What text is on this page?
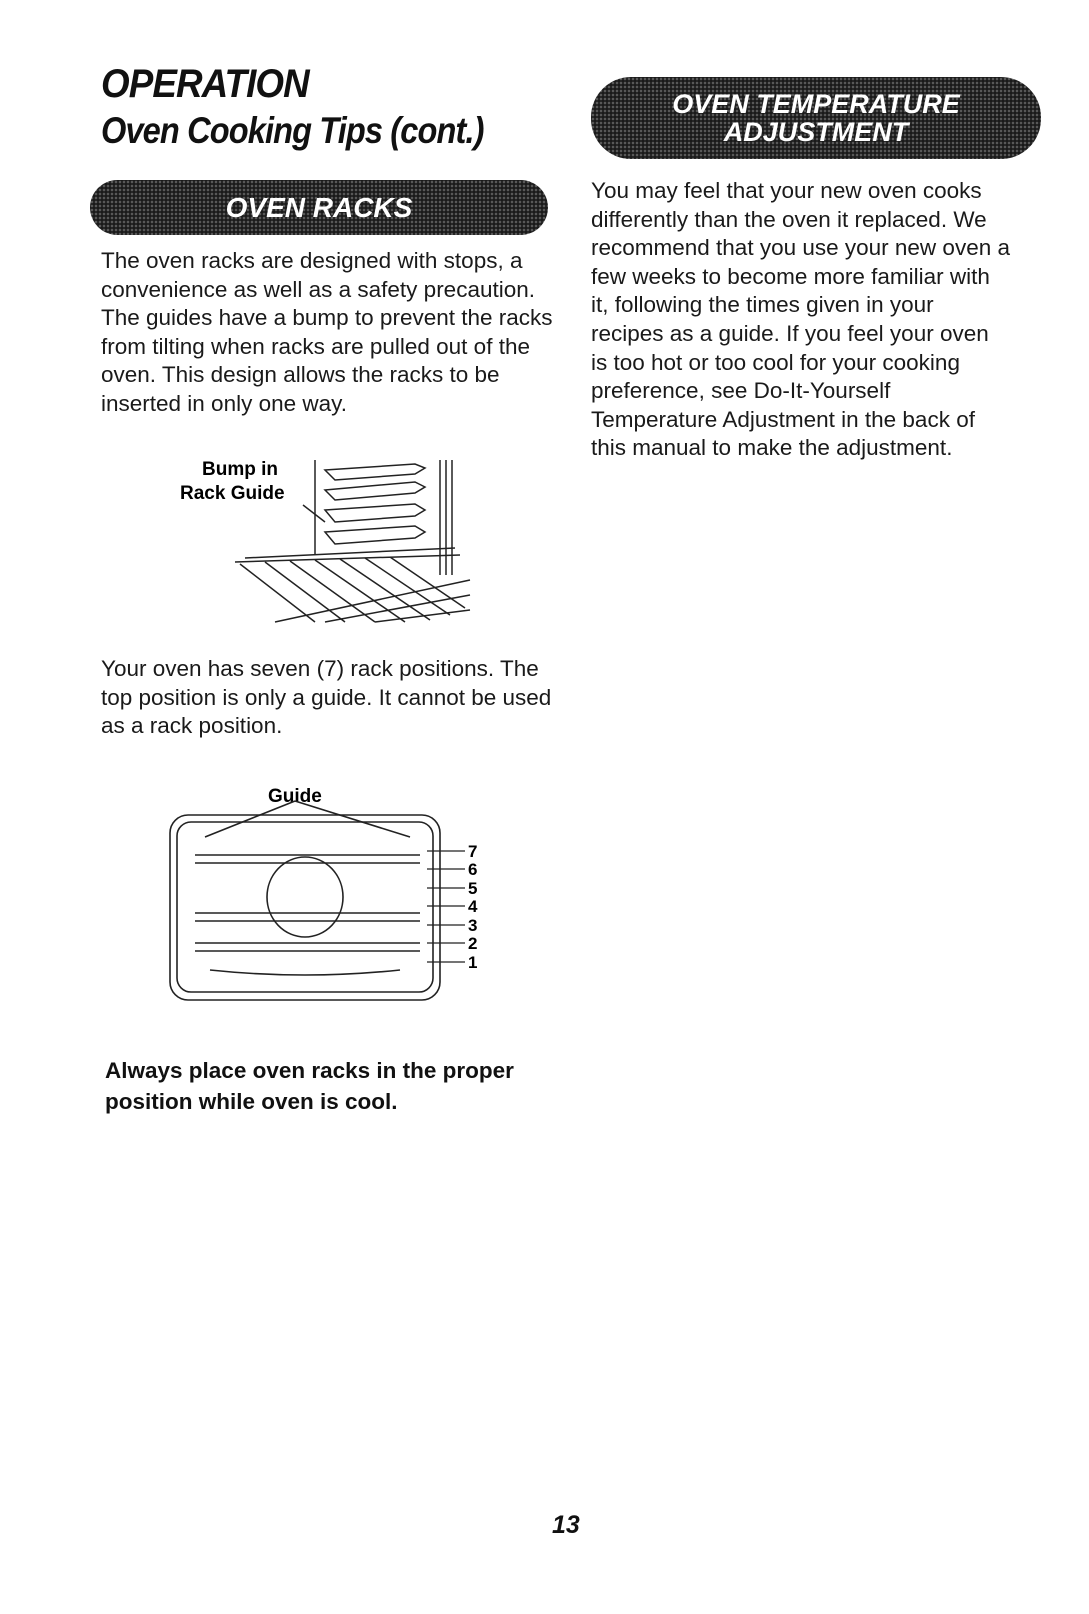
OPERATION
Oven Cooking Tips (cont.)
OVEN RACKS

The oven racks are designed with stops, a convenience as well as a safety precaution. The guides have a bump to prevent the racks from tilting when racks are pulled out of the oven. This design allows the racks to be inserted in only one way.

Bump in
Rack Guide

Your oven has seven (7) rack positions. The top position is only a guide. It cannot be used as a rack position.

Guide
7
6
5
4
3
2
1

Always place oven racks in the proper position while oven is cool.

OVEN TEMPERATURE
ADJUSTMENT

You may feel that your new oven cooks differently than the oven it replaced. We recommend that you use your new oven a few weeks to become more familiar with it, following the times given in your recipes as a guide. If you feel your oven is too hot or too cool for your cooking preference, see Do-It-Yourself Temperature Adjustment in the back of this manual to make the adjustment.

13
